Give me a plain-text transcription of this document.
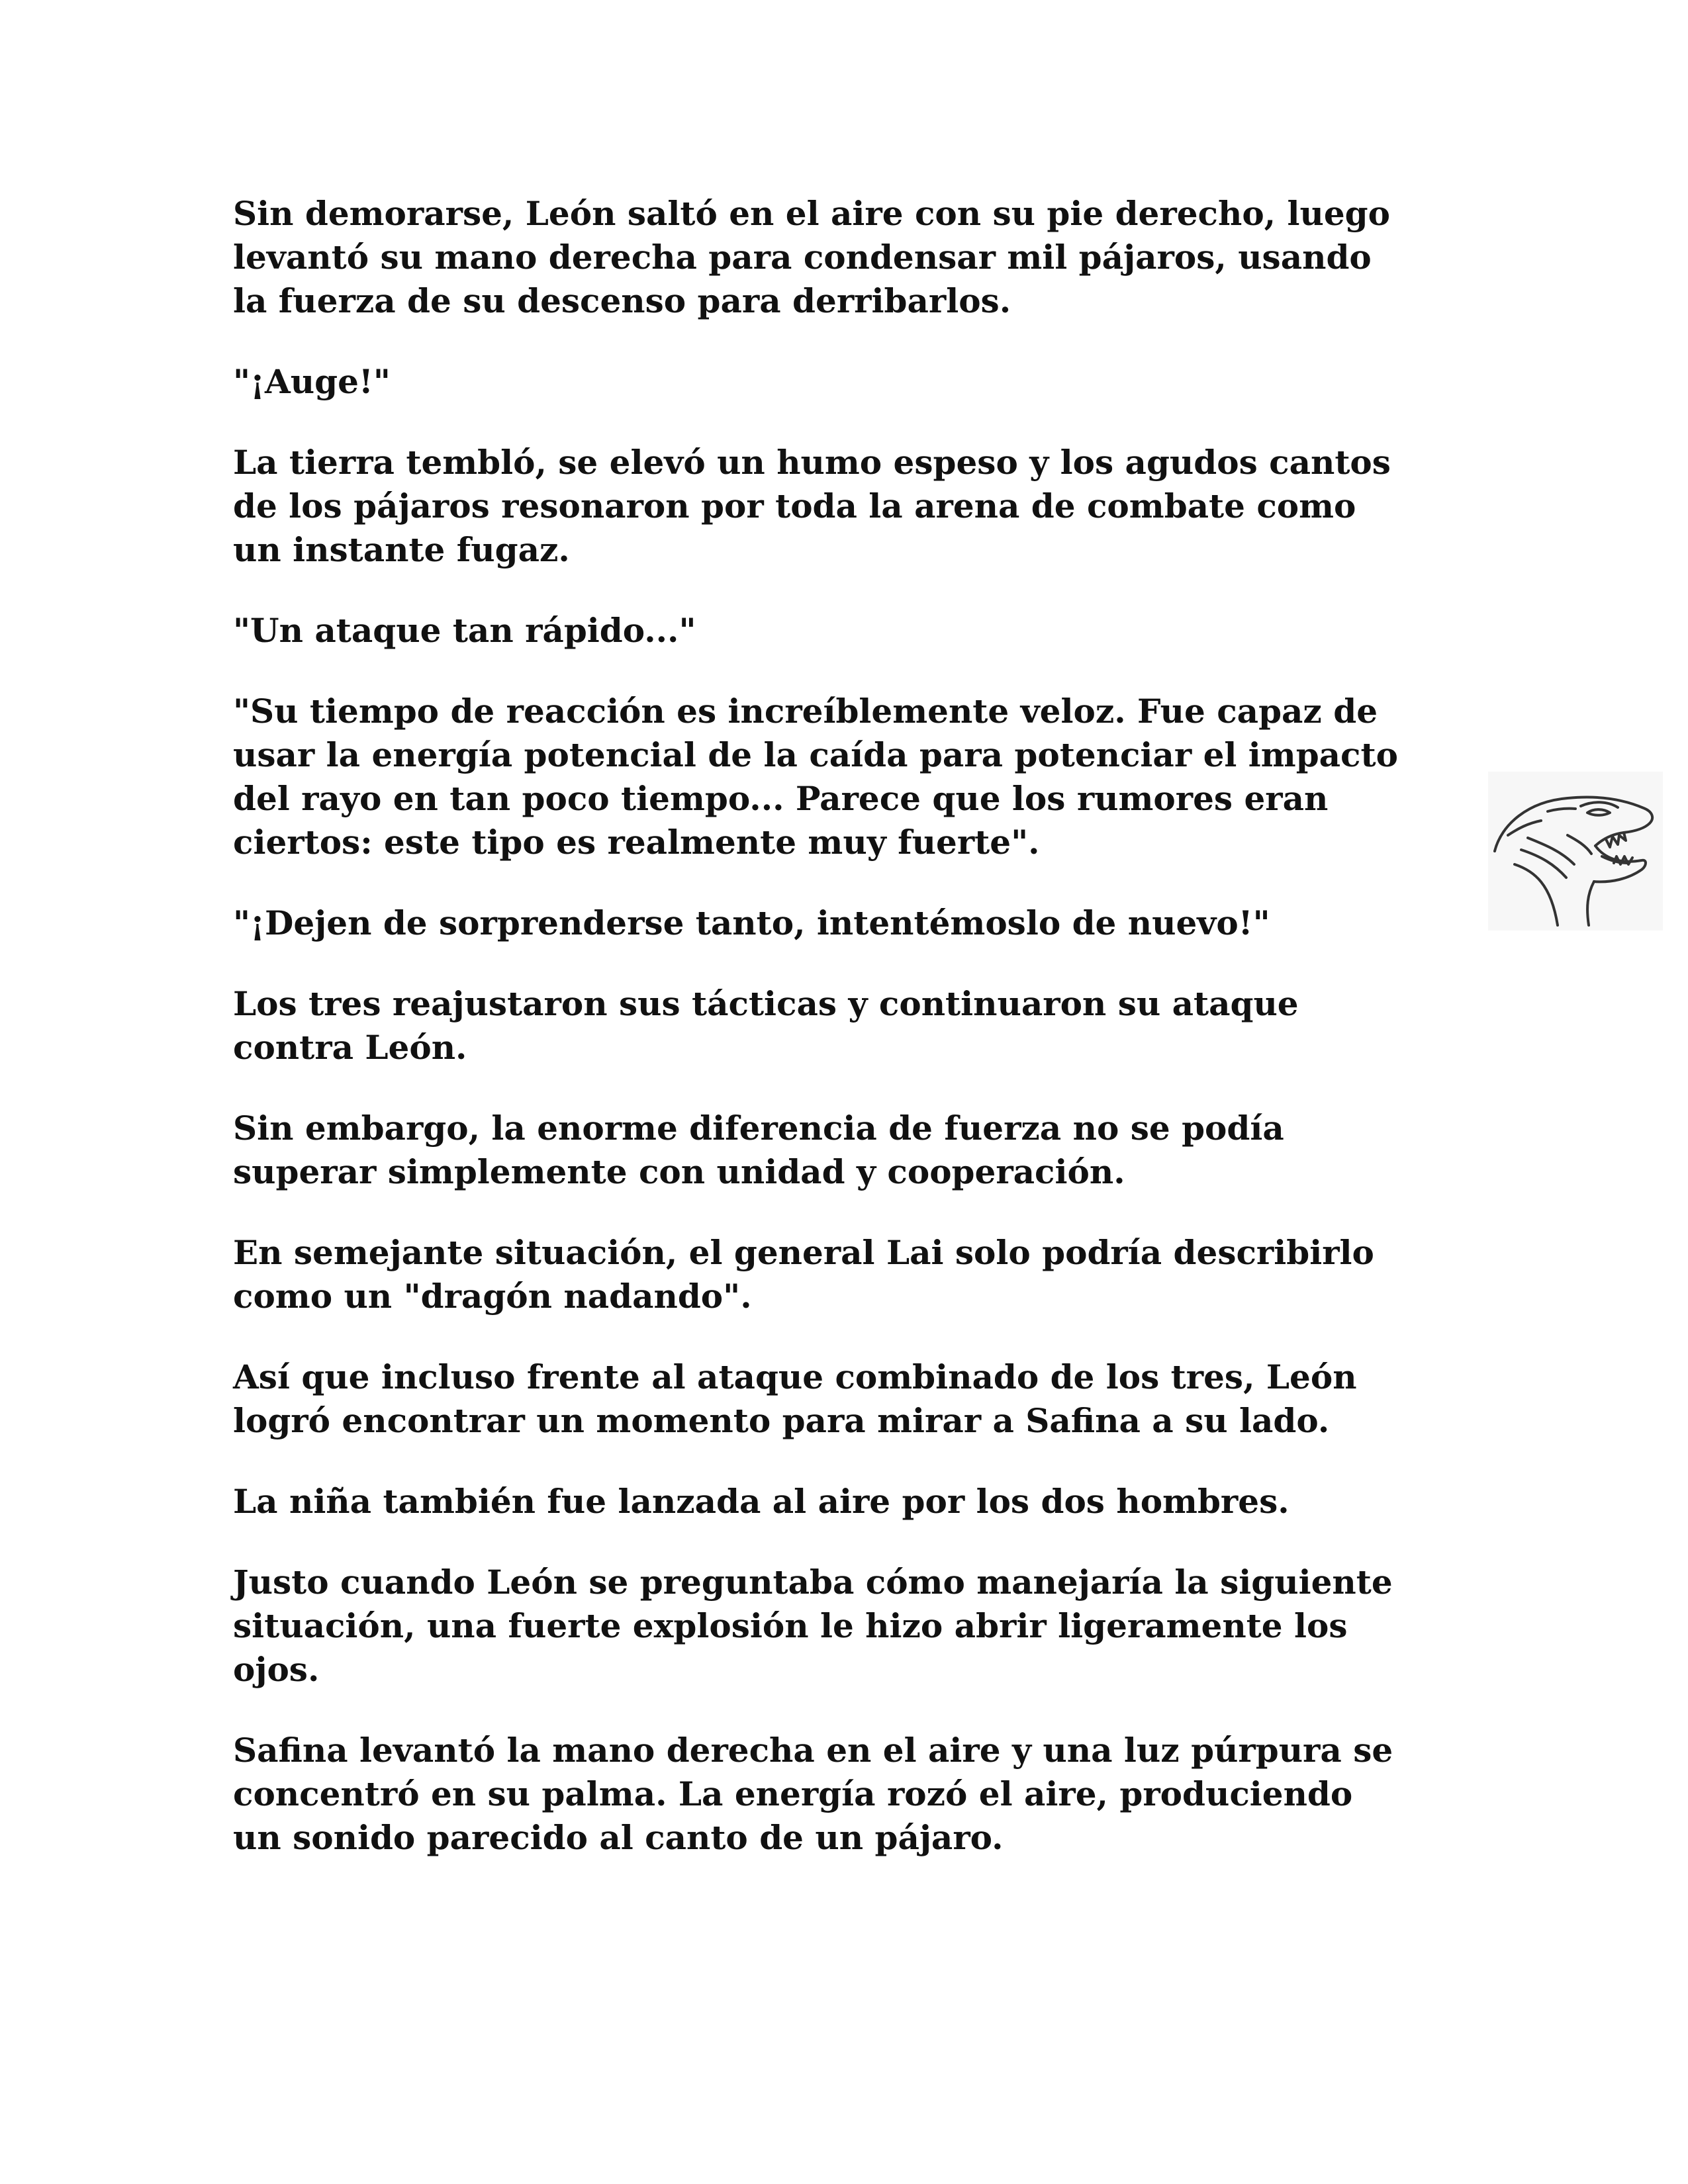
Sin demorarse, León saltó en el aire con su pie derecho, luego
levantó su mano derecha para condensar mil pájaros, usando
la fuerza de su descenso para derribarlos.

"¡Auge!"

La tierra tembló, se elevó un humo espeso y los agudos cantos
de los pájaros resonaron por toda la arena de combate como
un instante fugaz.

"Un ataque tan rápido..."

"Su tiempo de reacción es increíblemente veloz. Fue capaz de
usar la energía potencial de la caída para potenciar el impacto
del rayo en tan poco tiempo... Parece que los rumores eran
ciertos: este tipo es realmente muy fuerte".

"¡Dejen de sorprenderse tanto, intentémoslo de nuevo!"

Los tres reajustaron sus tácticas y continuaron su ataque
contra León.

Sin embargo, la enorme diferencia de fuerza no se podía
superar simplemente con unidad y cooperación.

En semejante situación, el general Lai solo podría describirlo
como un "dragón nadando".

Así que incluso frente al ataque combinado de los tres, León
logró encontrar un momento para mirar a Safina a su lado.

La niña también fue lanzada al aire por los dos hombres.

Justo cuando León se preguntaba cómo manejaría la siguiente
situación, una fuerte explosión le hizo abrir ligeramente los
ojos.

Safina levantó la mano derecha en el aire y una luz púrpura se
concentró en su palma. La energía rozó el aire, produciendo
un sonido parecido al canto de un pájaro.
